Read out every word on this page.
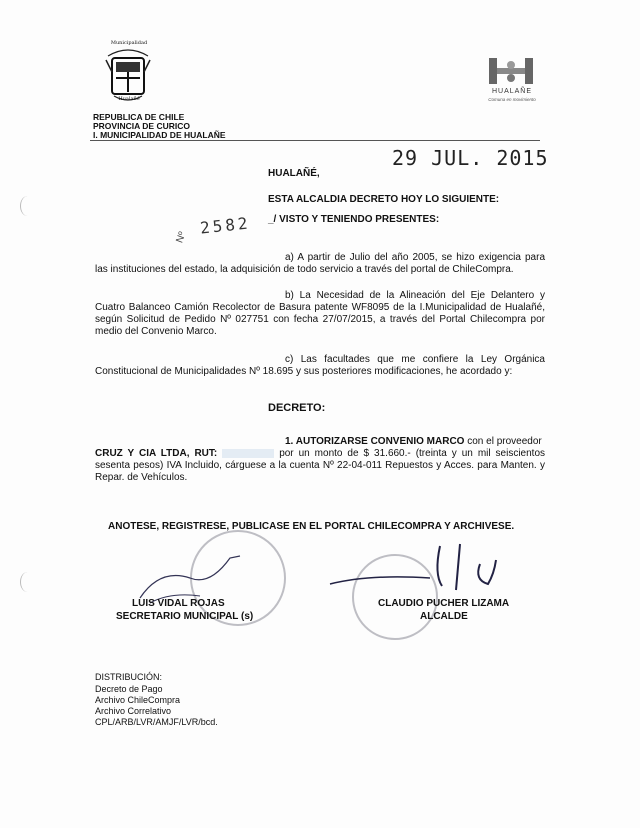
Municipalidad
Hualañé
REPUBLICA DE CHILE
PROVINCIA DE CURICO
I. MUNICIPALIDAD DE HUALAÑE
HUALAÑE
Comuna en movimiento
29 JUL. 2015
HUALAÑÉ,
ESTA ALCALDIA DECRETO HOY LO SIGUIENTE:
Nº 2582 _/ VISTO Y TENIENDO PRESENTES:
a) A partir de Julio del año 2005, se hizo exigencia para las instituciones del estado, la adquisición de todo servicio a través del portal de ChileCompra.
b) La Necesidad de la Alineación del Eje Delantero y Cuatro Balanceo Camión Recolector de Basura patente WF8095 de la I.Municipalidad de Hualañé, según Solicitud de Pedido Nº 027751 con fecha 27/07/2015, a través del Portal Chilecompra por medio del Convenio Marco.
c) Las facultades que me confiere la Ley Orgánica Constitucional de Municipalidades Nº 18.695 y sus posteriores modificaciones, he acordado y:
DECRETO:
1. AUTORIZARSE CONVENIO MARCO con el proveedor
CRUZ Y CIA LTDA, RUT:	por un monto de $ 31.660.- (treinta y un mil seiscientos sesenta pesos) IVA Incluido, cárguese a la cuenta Nº 22-04-011 Repuestos y Acces. para Manten. y Repar. de Vehículos.
ANOTESE, REGISTRESE, PUBLICASE EN EL PORTAL CHILECOMPRA Y ARCHIVESE.
LUIS VIDAL ROJAS
SECRETARIO MUNICIPAL (s)
CLAUDIO PUCHER LIZAMA
ALCALDE
DISTRIBUCIÓN:
Decreto de Pago
Archivo ChileCompra
Archivo Correlativo
CPL/ARB/LVR/AMJF/LVR/bcd.
